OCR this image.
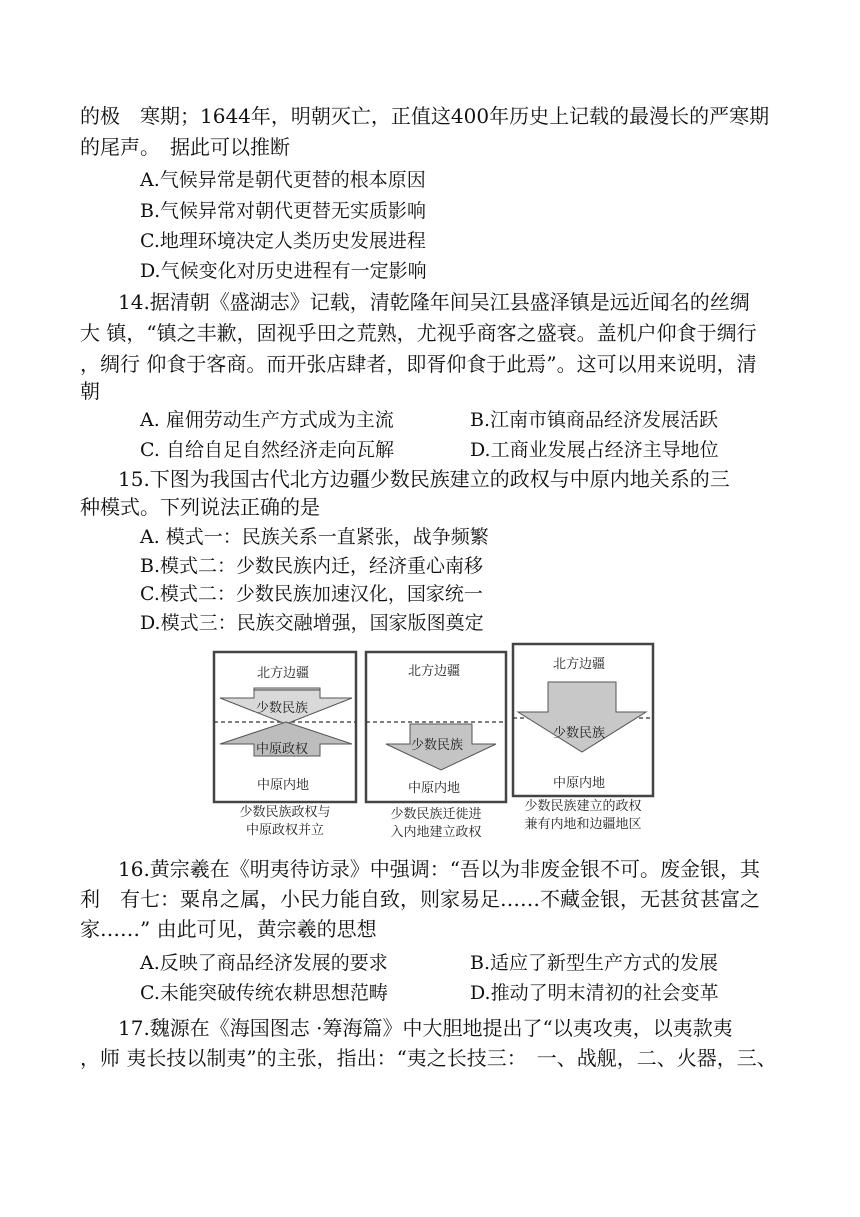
的极　寒期；1644年，明朝灭亡，正值这400年历史上记载的最漫长的严寒期
的尾声。　据此可以推断
A.气候异常是朝代更替的根本原因
B.气候异常对朝代更替无实质影响
C.地理环境决定人类历史发展进程
D.气候变化对历史进程有一定影响
14.据清朝《盛湖志》记载，清乾隆年间吴江县盛泽镇是远近闻名的丝绸
大 镇，“镇之丰歉，固视乎田之荒熟，尤视乎商客之盛衰。盖机户仰食于绸行
，绸行 仰食于客商。而开张店肆者，即胥仰食于此焉”。这可以用来说明，清
朝
A. 雇佣劳动生产方式成为主流	B.江南市镇商品经济发展活跃
C. 自给自足自然经济走向瓦解	D.工商业发展占经济主导地位
15.下图为我国古代北方边疆少数民族建立的政权与中原内地关系的三
种模式。下列说法正确的是
A. 模式一：民族关系一直紧张，战争频繁
B.模式二：少数民族内迁，经济重心南移
C.模式二：少数民族加速汉化，国家统一
D.模式三：民族交融增强，国家版图奠定
北方边疆
少数民族
中原政权
中原内地
北方边疆
少数民族
中原内地
北方边疆
少数民族
中原内地
少数民族政权与
中原政权并立
少数民族迁徙进
入内地建立政权
少数民族建立的政权
兼有内地和边疆地区
16.黄宗羲在《明夷待访录》中强调：“吾以为非废金银不可。废金银，其
利　有七：粟帛之属，小民力能自致，则家易足……不藏金银，无甚贫甚富之
家……” 由此可见，黄宗羲的思想
A.反映了商品经济发展的要求	B.适应了新型生产方式的发展
C.未能突破传统农耕思想范畴	D.推动了明末清初的社会变革
17.魏源在《海国图志 ·筹海篇》中大胆地提出了“以夷攻夷，以夷款夷
，师 夷长技以制夷”的主张，指出：“夷之长技三：　一、战舰，二、火器，三、
